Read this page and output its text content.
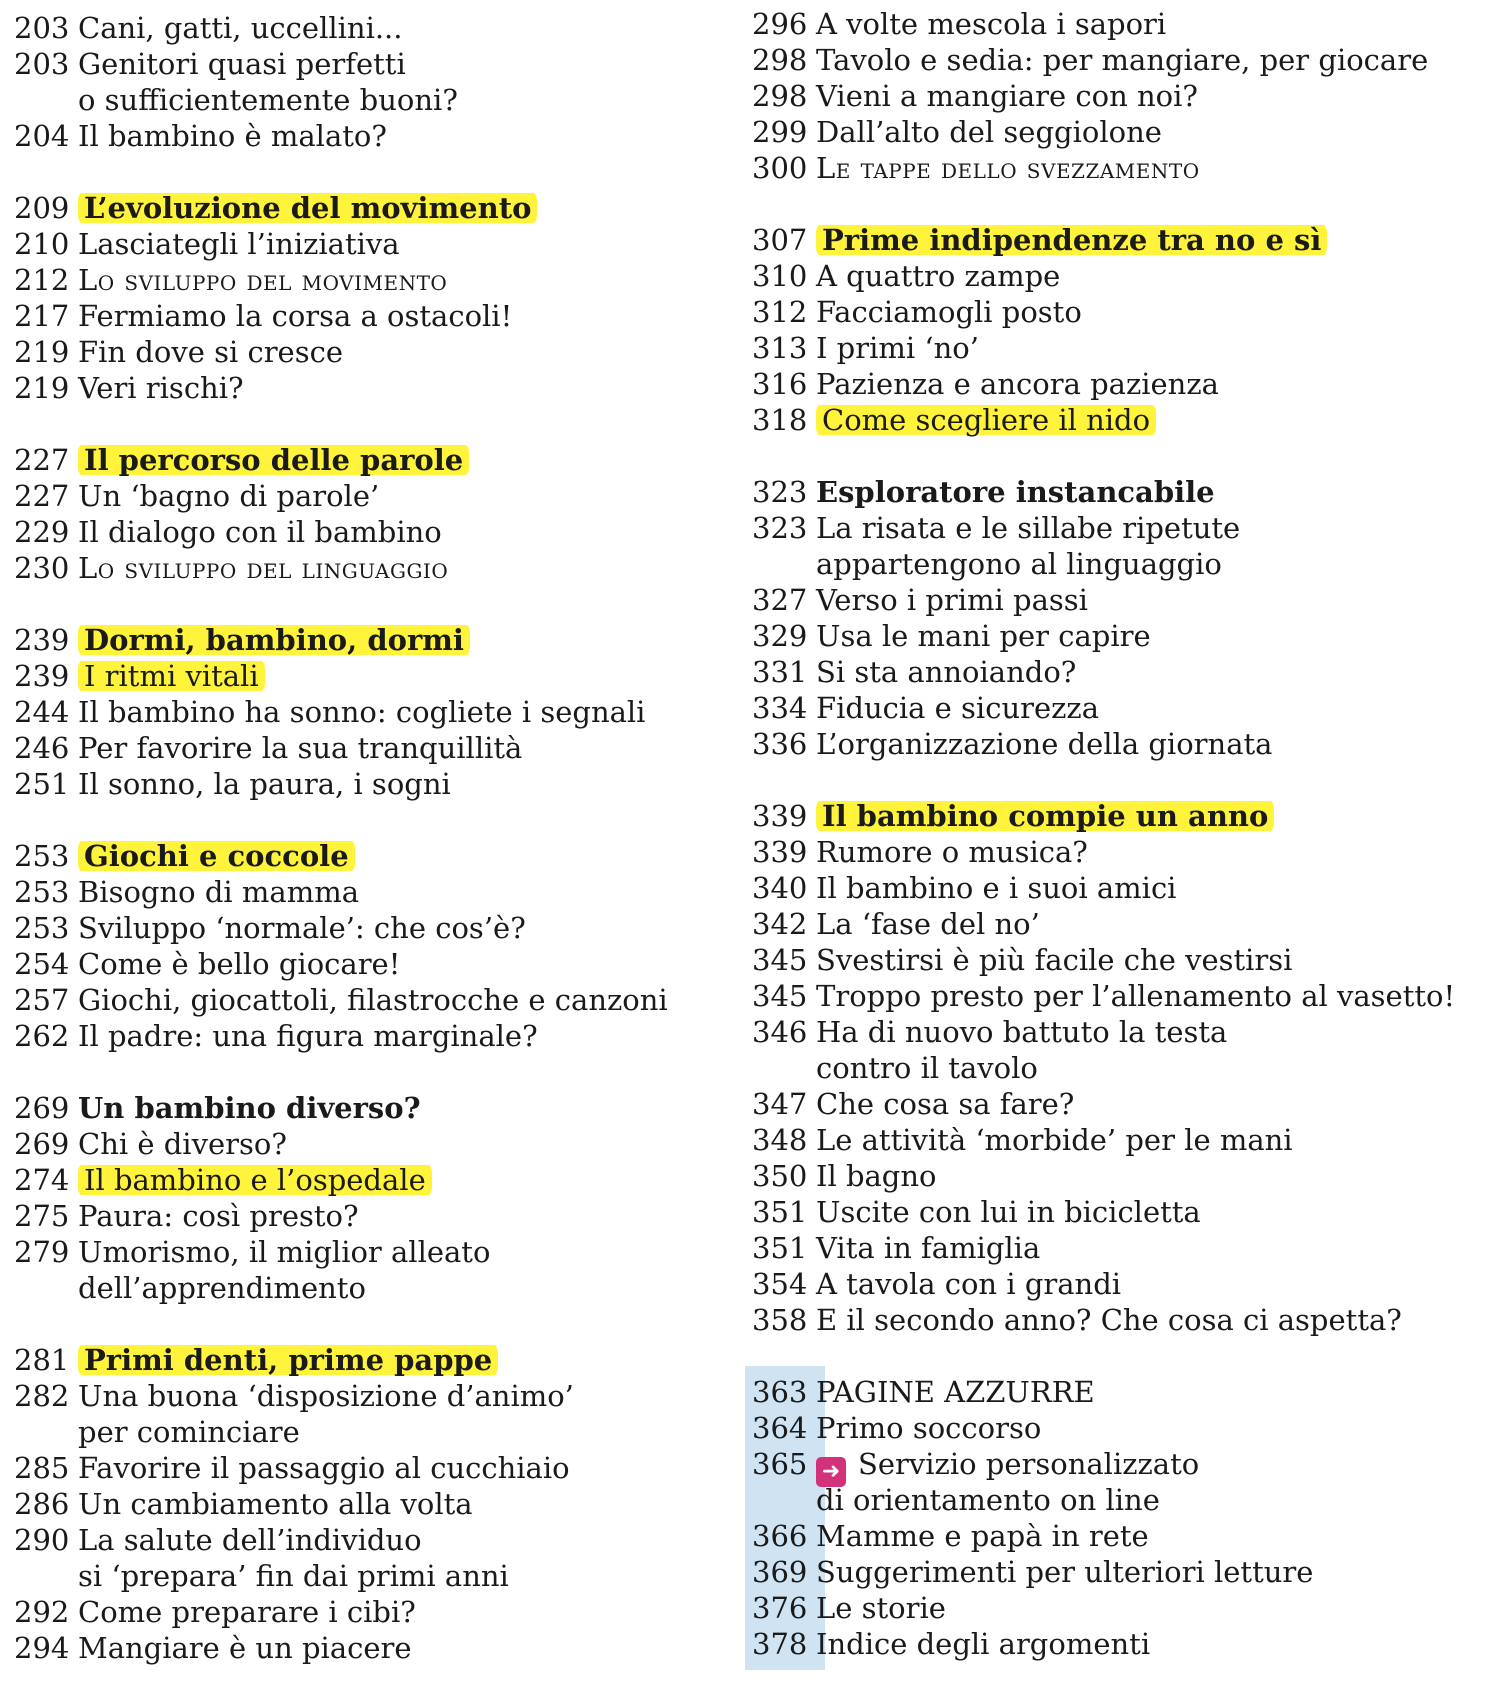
203 Cani, gatti, uccellini...
203 Genitori quasi perfetti
o sufficientemente buoni?
204 Il bambino è malato?
209 L’evoluzione del movimento
210 Lasciategli l’iniziativa
212 Lo sviluppo del movimento
217 Fermiamo la corsa a ostacoli!
219 Fin dove si cresce
219 Veri rischi?
227 Il percorso delle parole
227 Un ‘bagno di parole’
229 Il dialogo con il bambino
230 Lo sviluppo del linguaggio
239 Dormi, bambino, dormi
239 I ritmi vitali
244 Il bambino ha sonno: cogliete i segnali
246 Per favorire la sua tranquillità
251 Il sonno, la paura, i sogni
253 Giochi e coccole
253 Bisogno di mamma
253 Sviluppo ‘normale’: che cos’è?
254 Come è bello giocare!
257 Giochi, giocattoli, filastrocche e canzoni
262 Il padre: una figura marginale?
269 Un bambino diverso?
269 Chi è diverso?
274 Il bambino e l’ospedale
275 Paura: così presto?
279 Umorismo, il miglior alleato
dell’apprendimento
281 Primi denti, prime pappe
282 Una buona ‘disposizione d’animo’
per cominciare
285 Favorire il passaggio al cucchiaio
286 Un cambiamento alla volta
290 La salute dell’individuo
si ‘prepara’ fin dai primi anni
292 Come preparare i cibi?
294 Mangiare è un piacere
296 A volte mescola i sapori
298 Tavolo e sedia: per mangiare, per giocare
298 Vieni a mangiare con noi?
299 Dall’alto del seggiolone
300 Le tappe dello svezzamento
307 Prime indipendenze tra no e sì
310 A quattro zampe
312 Facciamogli posto
313 I primi ‘no’
316 Pazienza e ancora pazienza
318 Come scegliere il nido
323 Esploratore instancabile
323 La risata e le sillabe ripetute
appartengono al linguaggio
327 Verso i primi passi
329 Usa le mani per capire
331 Si sta annoiando?
334 Fiducia e sicurezza
336 L’organizzazione della giornata
339 Il bambino compie un anno
339 Rumore o musica?
340 Il bambino e i suoi amici
342 La ‘fase del no’
345 Svestirsi è più facile che vestirsi
345 Troppo presto per l’allenamento al vasetto!
346 Ha di nuovo battuto la testa
contro il tavolo
347 Che cosa sa fare?
348 Le attività ‘morbide’ per le mani
350 Il bagno
351 Uscite con lui in bicicletta
351 Vita in famiglia
354 A tavola con i grandi
358 E il secondo anno? Che cosa ci aspetta?
363 PAGINE AZZURRE
364 Primo soccorso
365 ➜ Servizio personalizzato
di orientamento on line
366 Mamme e papà in rete
369 Suggerimenti per ulteriori letture
376 Le storie
378 Indice degli argomenti
